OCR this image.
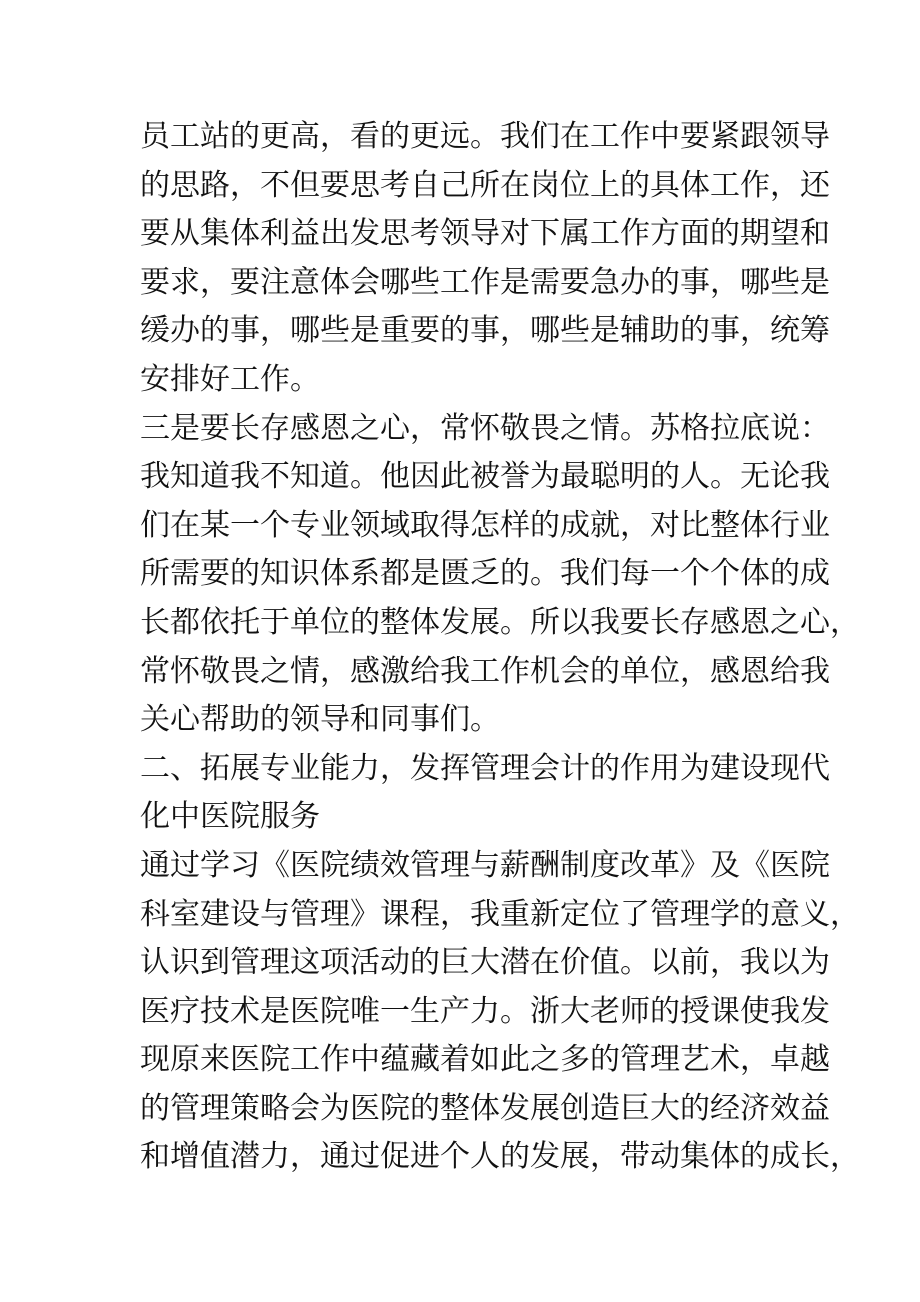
员工站的更高，看的更远。我们在工作中要紧跟领导
的思路，不但要思考自己所在岗位上的具体工作，还
要从集体利益出发思考领导对下属工作方面的期望和
要求，要注意体会哪些工作是需要急办的事，哪些是
缓办的事，哪些是重要的事，哪些是辅助的事，统筹
安排好工作。
三是要长存感恩之心，常怀敬畏之情。苏格拉底说：
我知道我不知道。他因此被誉为最聪明的人。无论我
们在某一个专业领域取得怎样的成就，对比整体行业
所需要的知识体系都是匮乏的。我们每一个个体的成
长都依托于单位的整体发展。所以我要长存感恩之心，
常怀敬畏之情，感激给我工作机会的单位，感恩给我
关心帮助的领导和同事们。
二、拓展专业能力，发挥管理会计的作用为建设现代
化中医院服务
通过学习《医院绩效管理与薪酬制度改革》及《医院
科室建设与管理》课程，我重新定位了管理学的意义，
认识到管理这项活动的巨大潜在价值。以前，我以为
医疗技术是医院唯一生产力。浙大老师的授课使我发
现原来医院工作中蕴藏着如此之多的管理艺术，卓越
的管理策略会为医院的整体发展创造巨大的经济效益
和增值潜力，通过促进个人的发展，带动集体的成长，
